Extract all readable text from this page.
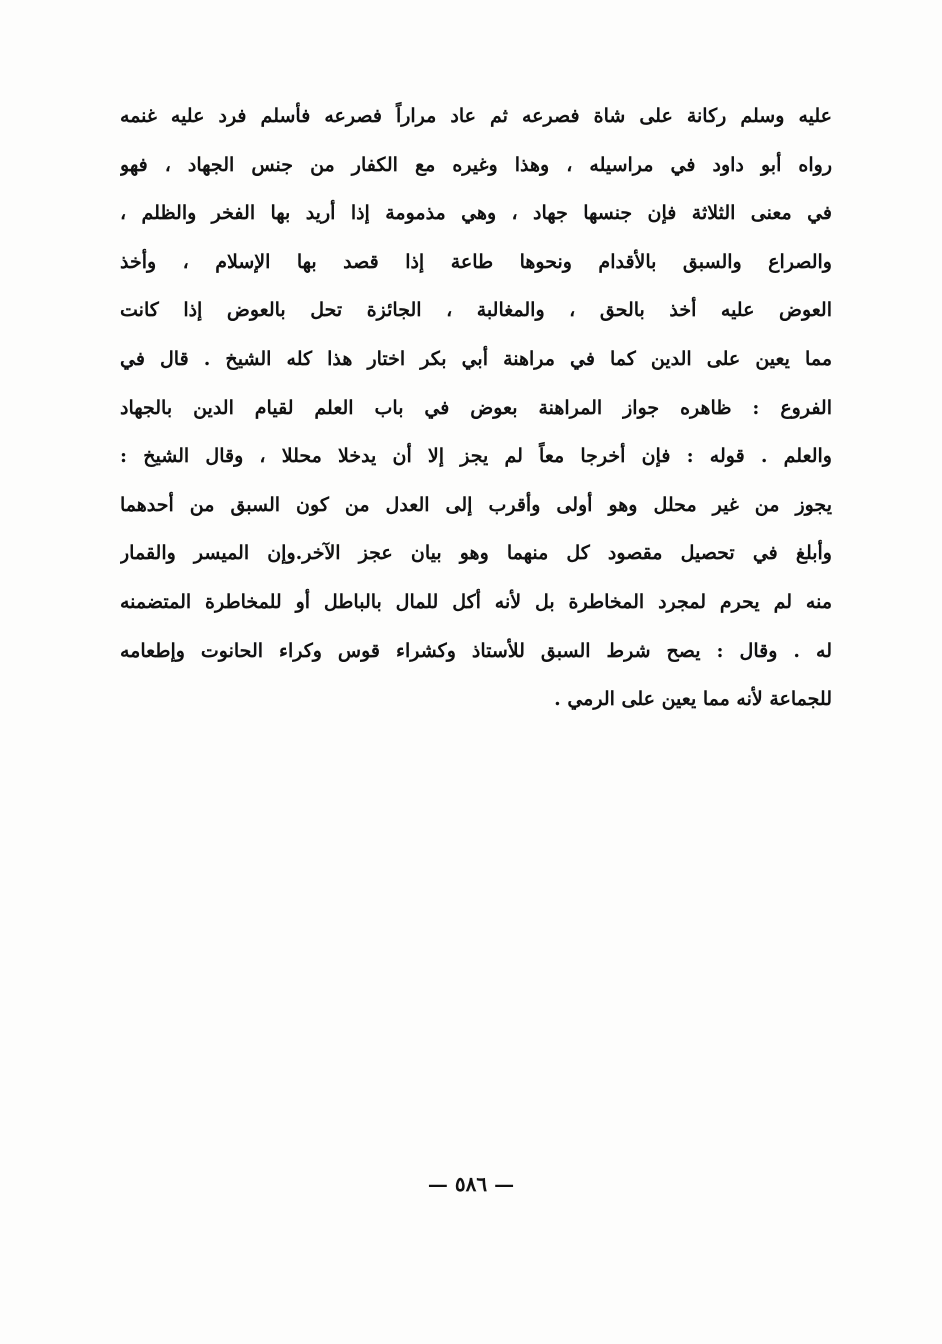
عليه وسلم ركانة على شاة فصرعه ثم عاد مراراً فصرعه فأسلم فرد عليه غنمه
رواه أبو داود في مراسيله ، وهذا وغيره مع الكفار من جنس الجهاد ، فهو
في معنى الثلاثة فإن جنسها جهاد ، وهي مذمومة إذا أريد بها الفخر والظلم ،
والصراع والسبق بالأقدام ونحوها طاعة إذا قصد بها الإسلام ، وأخذ
العوض عليه أخذ بالحق ، والمغالبة ، الجائزة تحل بالعوض إذا كانت
مما يعين على الدين كما في مراهنة أبي بكر اختار هذا كله الشيخ . قال في
الفروع : ظاهره جواز المراهنة بعوض في باب العلم لقيام الدين بالجهاد
والعلم . قوله : فإن أخرجا معاً لم يجز إلا أن يدخلا محللا ، وقال الشيخ :
يجوز من غير محلل وهو أولى وأقرب إلى العدل من كون السبق من أحدهما
وأبلغ في تحصيل مقصود كل منهما وهو بيان عجز الآخر.وإن الميسر والقمار
منه لم يحرم لمجرد المخاطرة بل لأنه أكل للمال بالباطل أو للمخاطرة المتضمنه
له . وقال : يصح شرط السبق للأستاذ وكشراء قوس وكراء الحانوت وإطعامه
للجماعة لأنه مما يعين على الرمي .
— ٥٨٦ —
